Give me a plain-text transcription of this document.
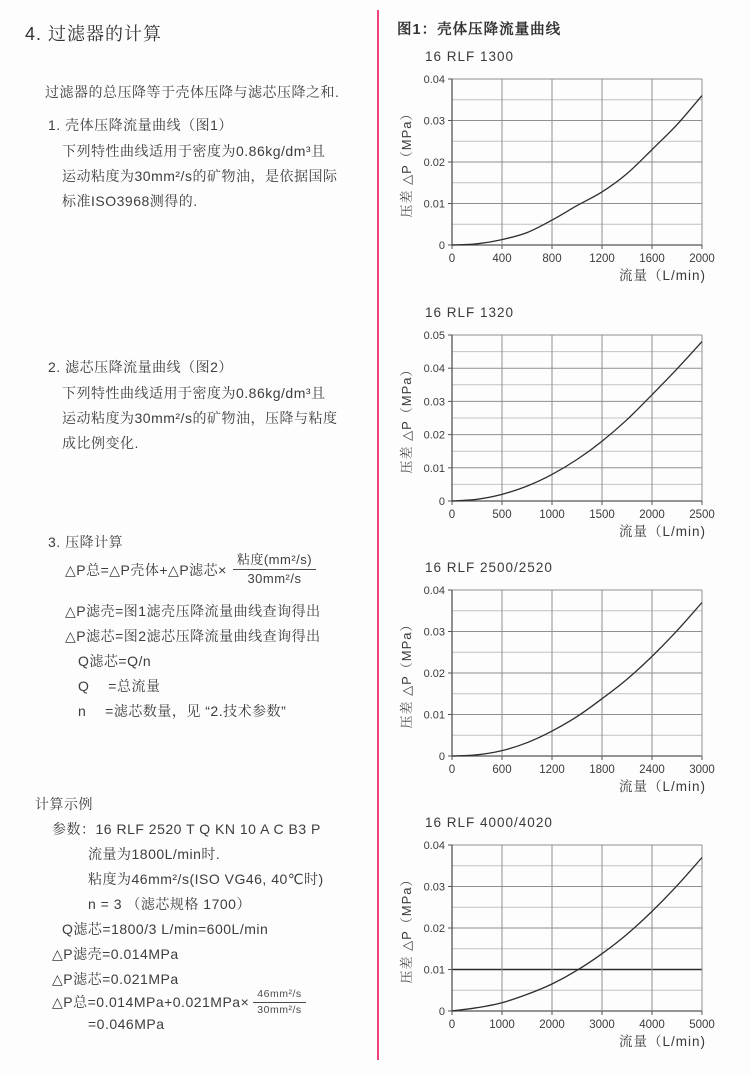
4. 过滤器的计算
过滤器的总压降等于壳体压降与滤芯压降之和.
1. 壳体压降流量曲线（图1）
下列特性曲线适用于密度为0.86kg/dm³且
运动粘度为30mm²/s的矿物油，是依据国际
标准ISO3968测得的.
2. 滤芯压降流量曲线（图2）
下列特性曲线适用于密度为0.86kg/dm³且
运动粘度为30mm²/s的矿物油，压降与粘度
成比例变化.
3. 压降计算
△P总=△P壳体+△P滤芯× $\frac{\text{粘度(mm²/s)}}{\text{30mm²/s}}$
△P滤壳=图1滤壳压降流量曲线查询得出
△P滤芯=图2滤芯压降流量曲线查询得出
Q滤芯=Q/n
Q　 =总流量
n　 =滤芯数量，见 “2.技术参数”
计算示例
参数：16 RLF 2520 T Q KN 10 A C B3 P
流量为1800L/min时.
粘度为46mm²/s(ISO VG46, 40℃时)
n = 3 （滤芯规格 1700）
Q滤芯=1800/3 L/min=600L/min
△P滤壳=0.014MPa
△P滤芯=0.021MPa
△P总$=0.014MPa+0.021MPa\times \frac{\text{46mm²/s}}{\text{30mm²/s}}$
=0.046MPa
图1：壳体压降流量曲线
16 RLF 1300
0	400	800 1200 1600 2000
0
0.01
0.02
0.03
0.04
压差 △P（MPa）
流量（L/min)
16 RLF 1320
0	500 1000 1500 2000 2500
0
0.01
0.02
0.03
0.04
0.05
压差 △P（MPa）
流量（L/min)
16 RLF 2500/2520
0	600 1200 1800 2400 3000
0
0.01
0.02
0.03
0.04
压差 △P（MPa）
流量（L/min)
16 RLF 4000/4020
0	1000 2000 3000 4000 5000
0
0.01
0.02
0.03
0.04
压差 △P（MPa）
流量（L/min)
